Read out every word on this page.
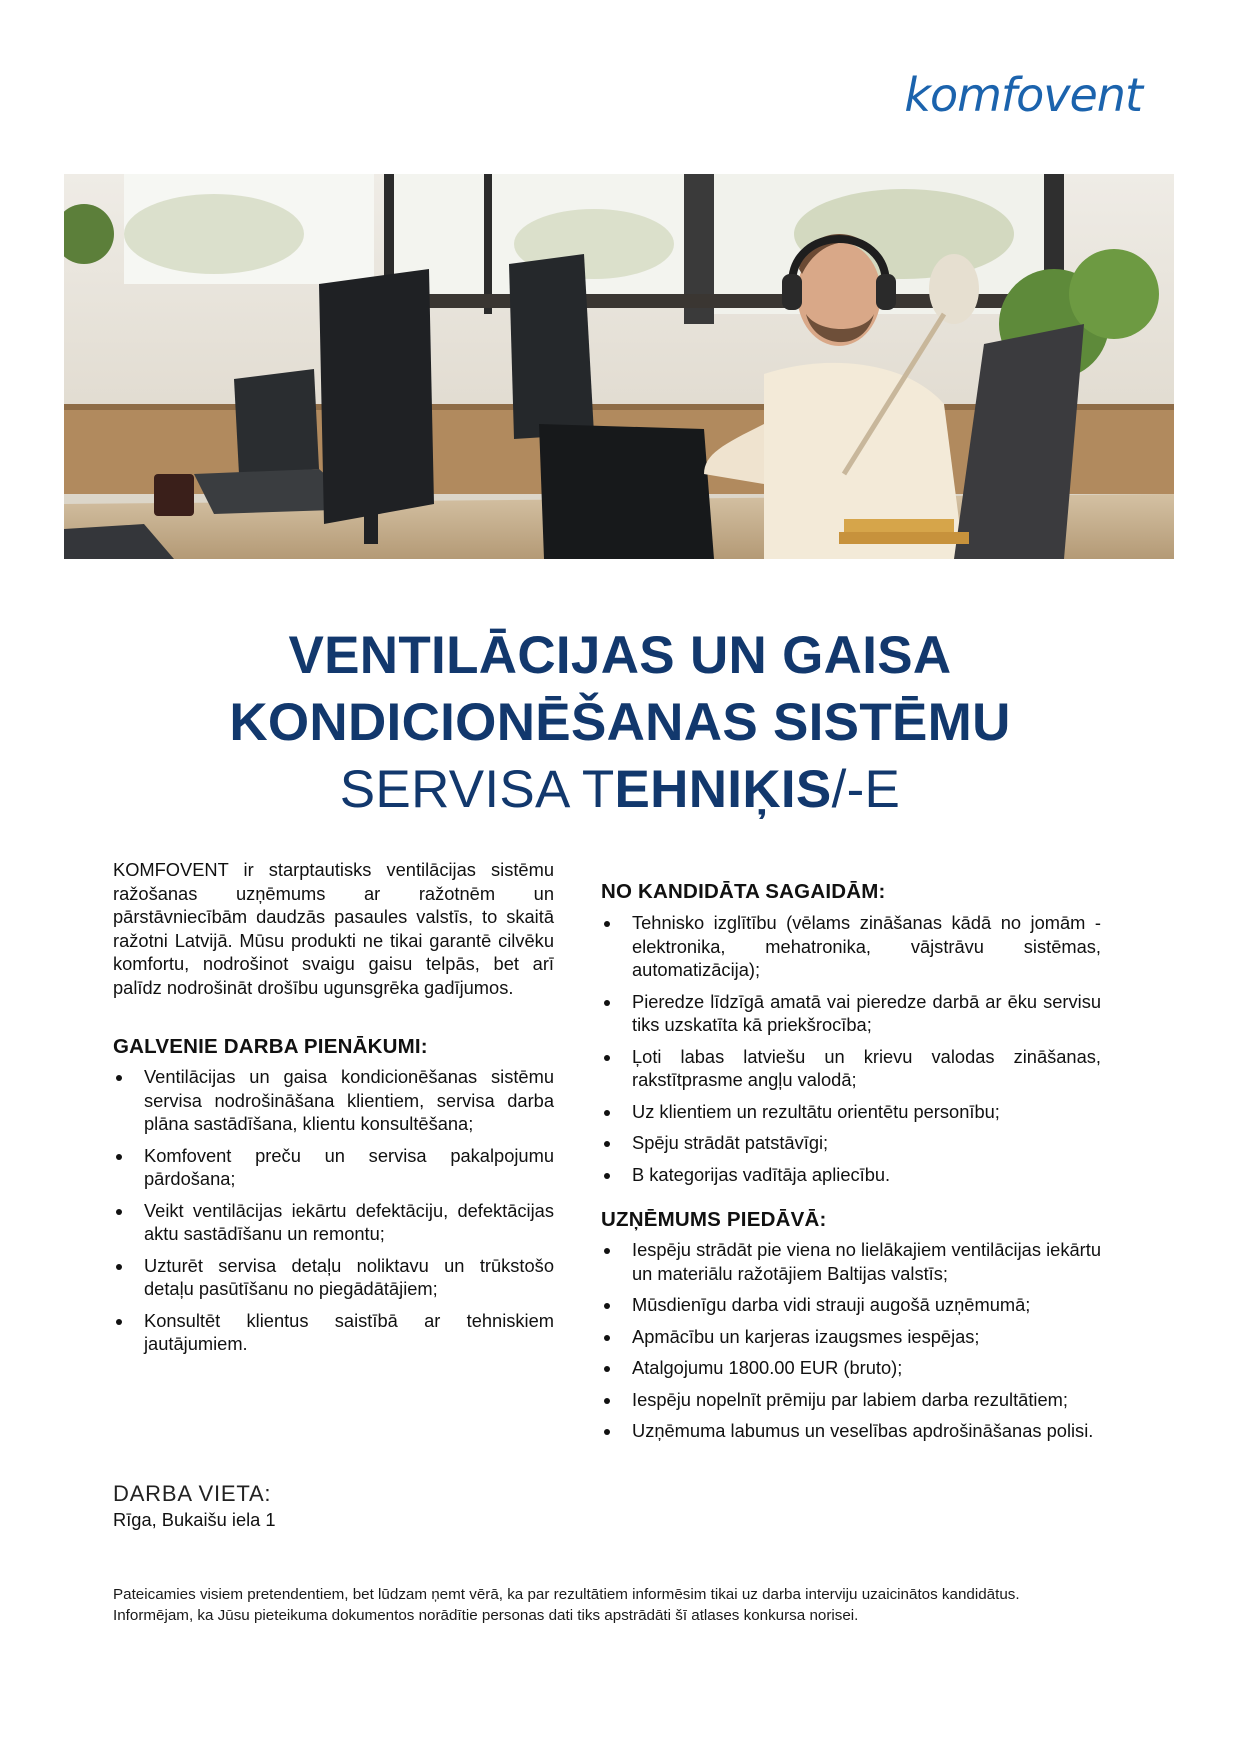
komfovent
VENTILĀCIJAS UN GAISA
KONDICIONĒŠANAS SISTĒMU
SERVISA TEHNIĶIS/-E

KOMFOVENT ir starptautisks ventilācijas sistēmu ražošanas uzņēmums ar ražotnēm un pārstāvniecībām daudzās pasaules valstīs, to skaitā ražotni Latvijā. Mūsu produkti ne tikai garantē cilvēku komfortu, nodrošinot svaigu gaisu telpās, bet arī palīdz nodrošināt drošību ugunsgrēka gadījumos.

GALVENIE DARBA PIENĀKUMI:
Ventilācijas un gaisa kondicionēšanas sistēmu servisa nodrošināšana klientiem, servisa darba plāna sastādīšana, klientu konsultēšana;
Komfovent preču un servisa pakalpojumu pārdošana;
Veikt ventilācijas iekārtu defektāciju, defektācijas aktu sastādīšanu un remontu;
Uzturēt servisa detaļu noliktavu un trūkstošo detaļu pasūtīšanu no piegādātājiem;
Konsultēt klientus saistībā ar tehniskiem jautājumiem.
NO KANDIDĀTA SAGAIDĀM:
Tehnisko izglītību (vēlams zināšanas kādā no jomām - elektronika, mehatronika, vājstrāvu sistēmas, automatizācija);
Pieredze līdzīgā amatā vai pieredze darbā ar ēku servisu tiks uzskatīta kā priekšrocība;
Ļoti labas latviešu un krievu valodas zināšanas, rakstītprasme angļu valodā;
Uz klientiem un rezultātu orientētu personību;
Spēju strādāt patstāvīgi;
B kategorijas vadītāja apliecību.
UZŅĒMUMS PIEDĀVĀ:
Iespēju strādāt pie viena no lielākajiem ventilācijas iekārtu un materiālu ražotājiem Baltijas valstīs;
Mūsdienīgu darba vidi strauji augošā uzņēmumā;
Apmācību un karjeras izaugsmes iespējas;
Atalgojumu 1800.00 EUR (bruto);
Iespēju nopelnīt prēmiju par labiem darba rezultātiem;
Uzņēmuma labumus un veselības apdrošināšanas polisi.
DARBA VIETA:
Rīga, Bukaišu iela 1
Pateicamies visiem pretendentiem, bet lūdzam ņemt vērā, ka par rezultātiem informēsim tikai uz darba interviju uzaicinātos kandidātus.
Informējam, ka Jūsu pieteikuma dokumentos norādītie personas dati tiks apstrādāti šī atlases konkursa norisei.
